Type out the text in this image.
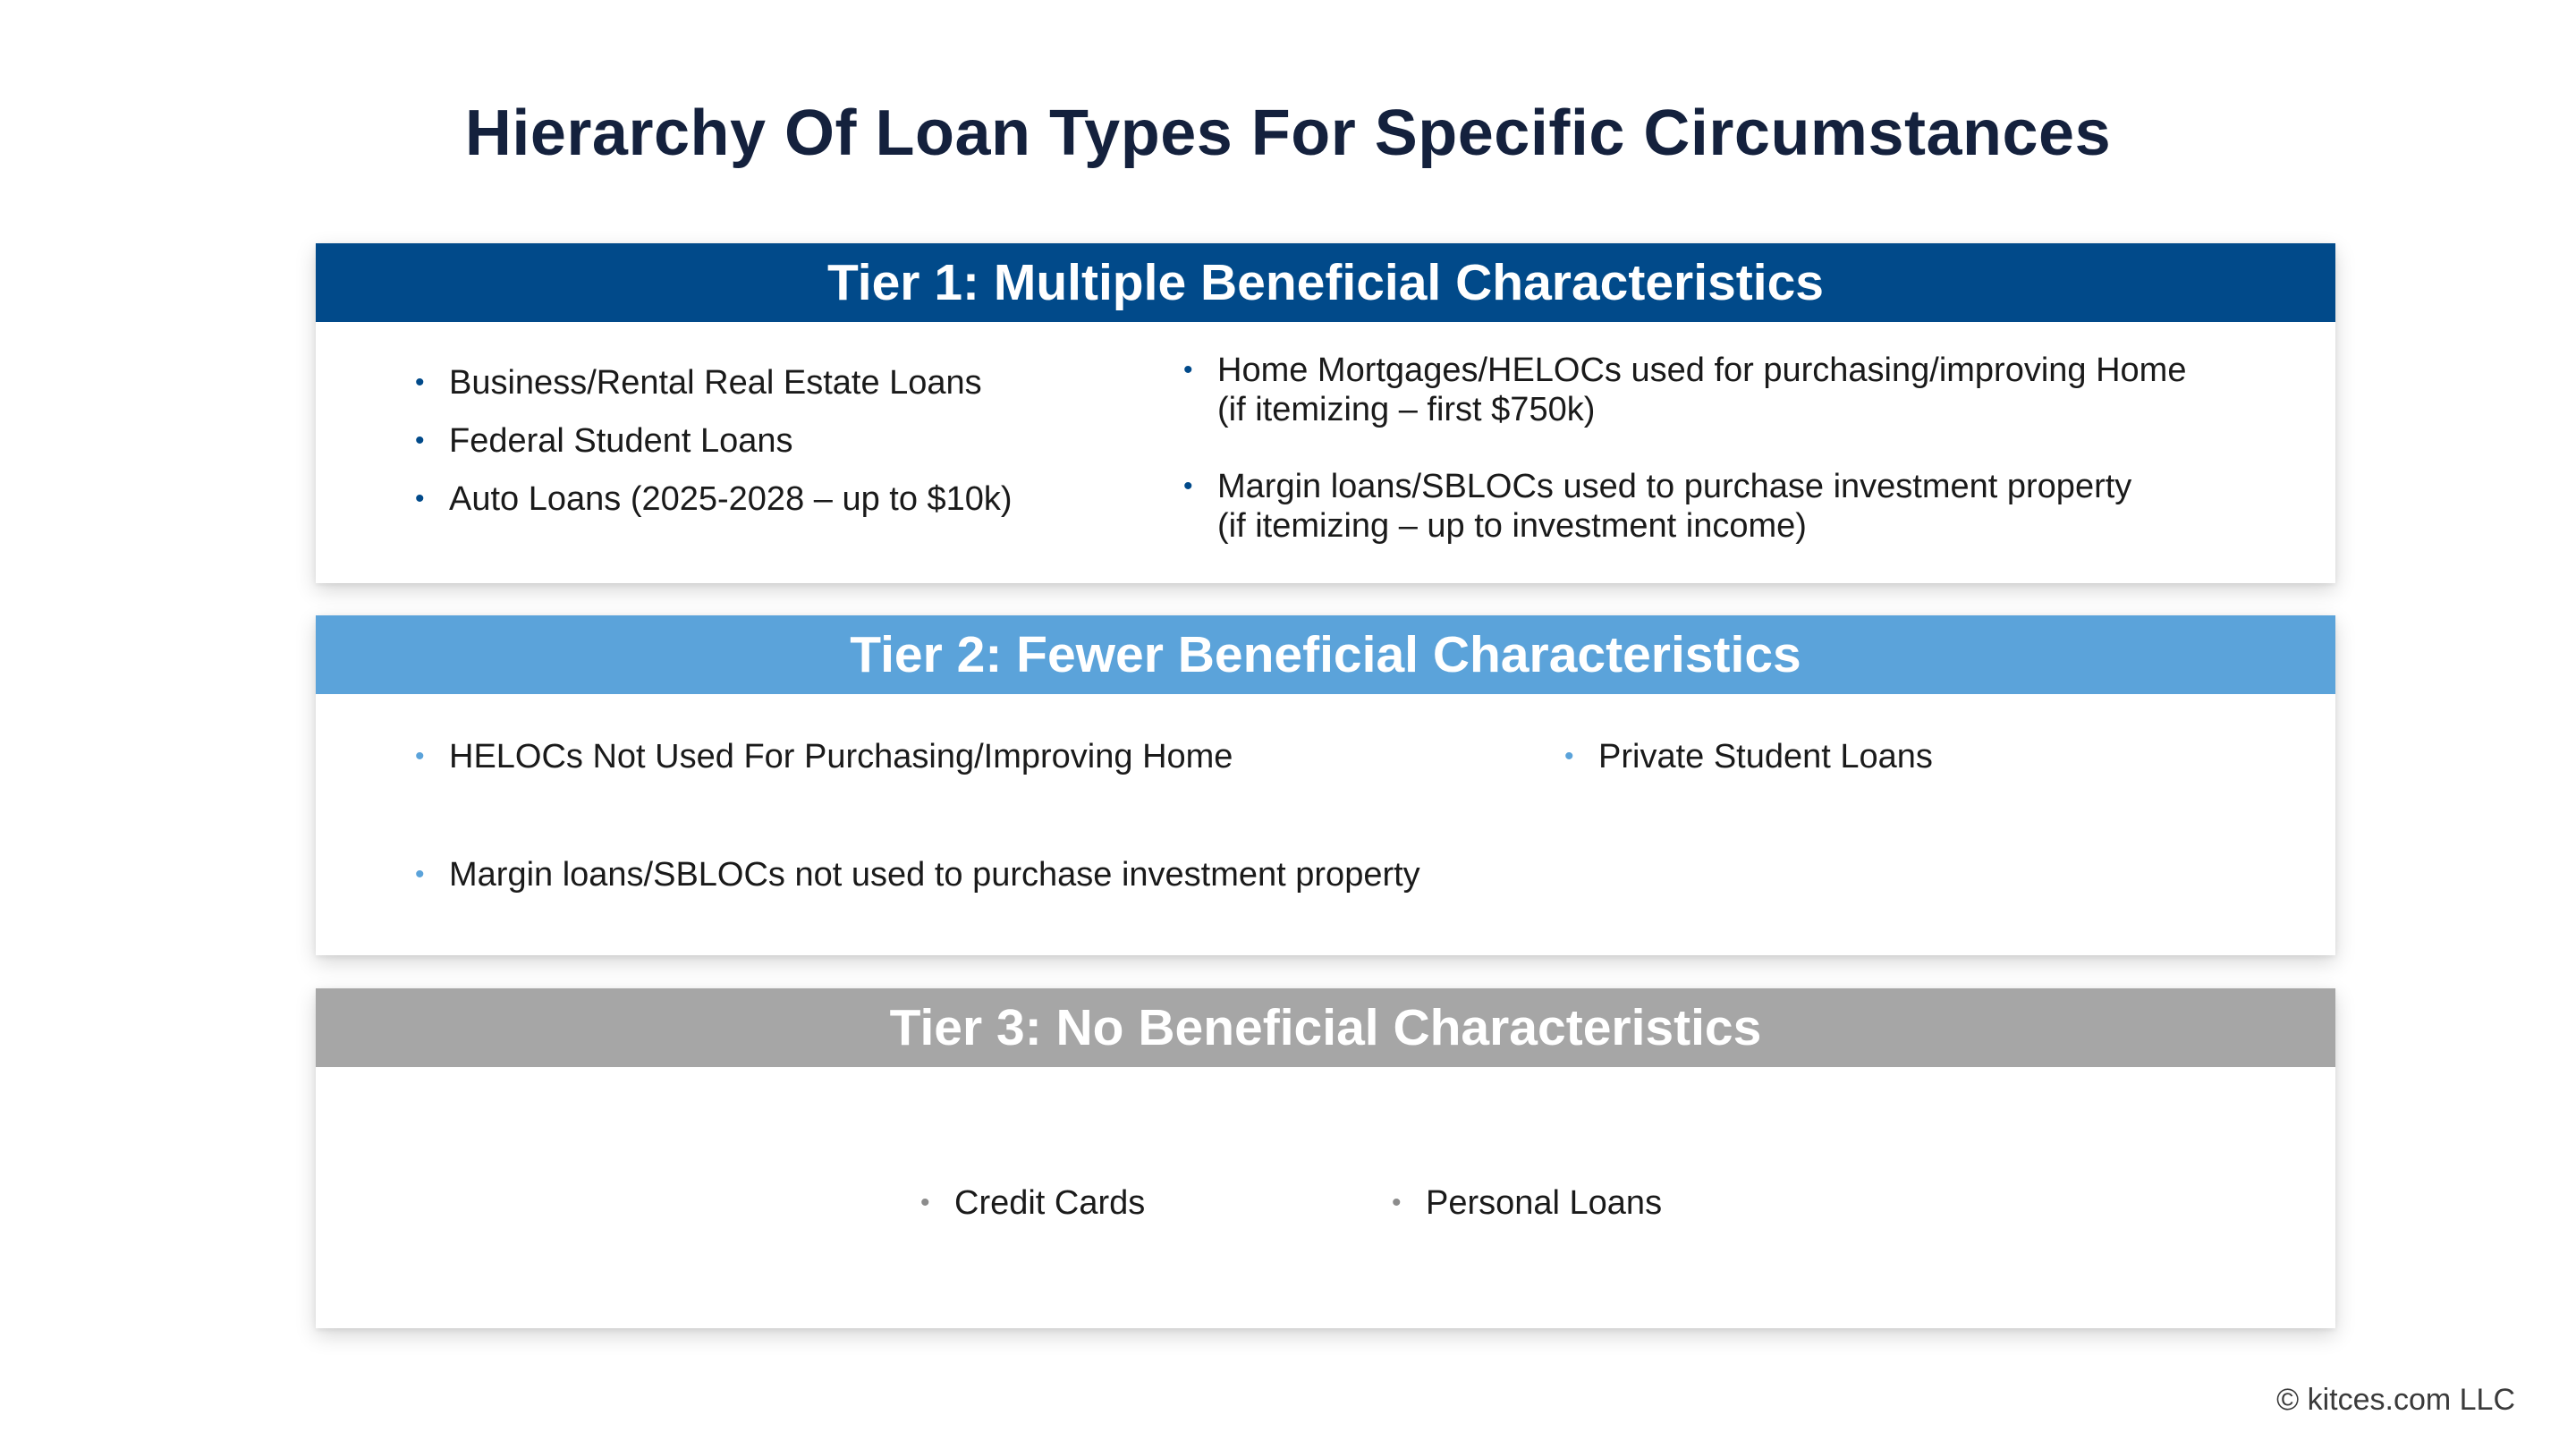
Hierarchy Of Loan Types For Specific Circumstances
Tier 1: Multiple Beneficial Characteristics
• Business/Rental Real Estate Loans
• Federal Student Loans
• Auto Loans (2025-2028 – up to $10k)
• Home Mortgages/HELOCs used for purchasing/improving Home
(if itemizing – first $750k)
• Margin loans/SBLOCs used to purchase investment property
(if itemizing – up to investment income)
Tier 2: Fewer Beneficial Characteristics
• HELOCs Not Used For Purchasing/Improving Home	• Private Student Loans
• Margin loans/SBLOCs not used to purchase investment property
Tier 3: No Beneficial Characteristics
• Credit Cards	• Personal Loans
© kitces.com LLC
